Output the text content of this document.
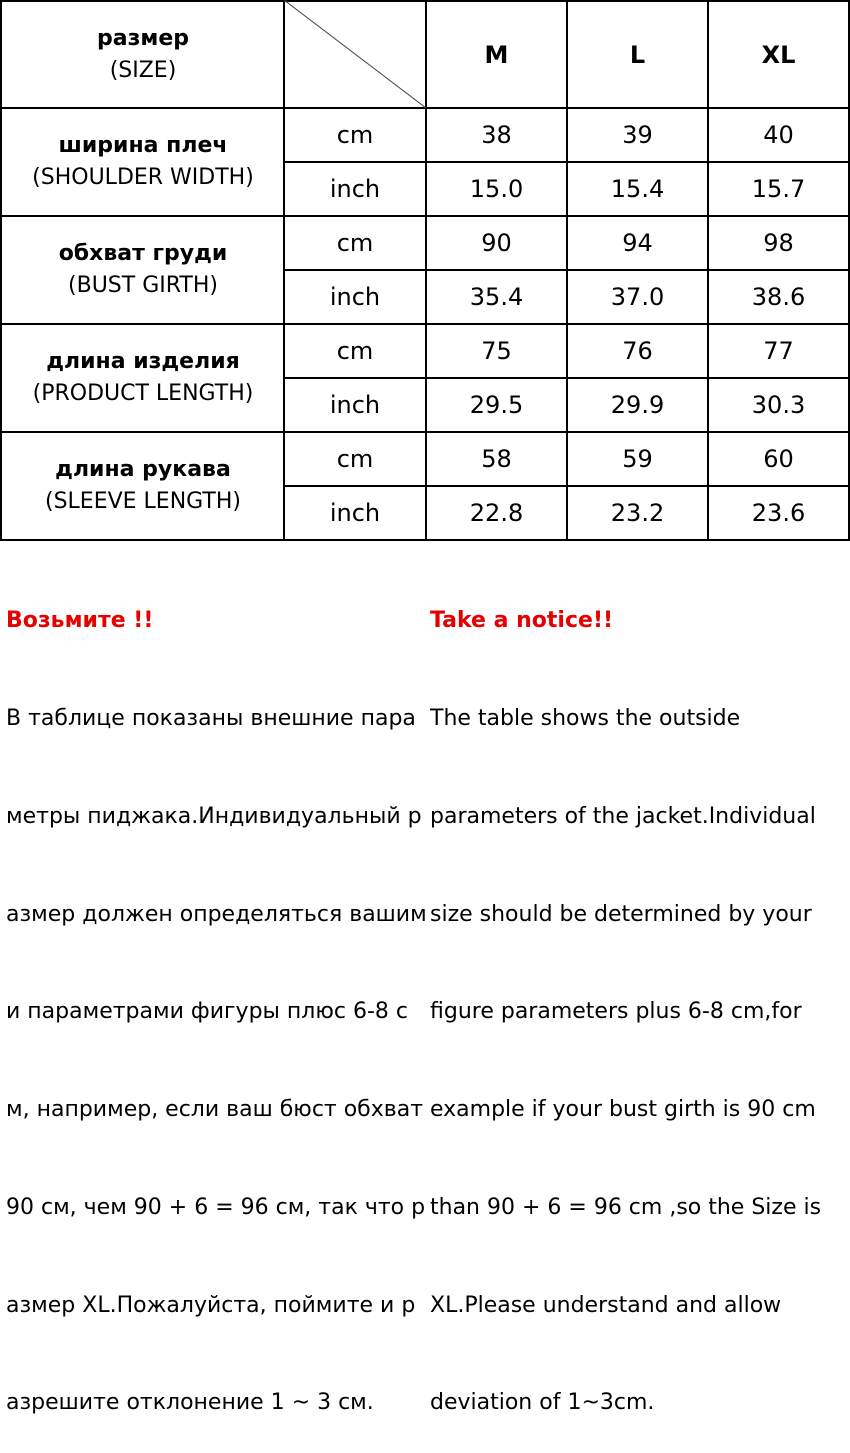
размер
(SIZE)
M	L	XL
ширина плеч
(SHOULDER WIDTH)
cm	38	39	40
inch	15.0	15.4	15.7
обхват груди
(BUST GIRTH)
cm	90	94	98
inch	35.4	37.0	38.6
длина изделия
(PRODUCT LENGTH)
cm	75	76	77
inch	29.5	29.9	30.3
длина рукава
(SLEEVE LENGTH)
cm	58	59	60
inch	22.8	23.2	23.6

Возьмите !!

В таблице показаны внешние пара

метры пиджака.Индивидуальный р

азмер должен определяться вашим

и параметрами фигуры плюс 6-8 с

м, например, если ваш бюст обхват

90 см, чем 90 + 6 = 96 см, так что р

азмер XL.Пожалуйста, поймите и р

азрешите отклонение 1 ~ 3 см.

Take a notice!!

The table shows the outside

parameters of the jacket.Individual

size should be determined by your

figure parameters plus 6-8 cm,for

example if your bust girth is 90 cm

than 90 + 6 = 96 cm ,so the Size is

XL.Please understand and allow

deviation of 1~3cm.
